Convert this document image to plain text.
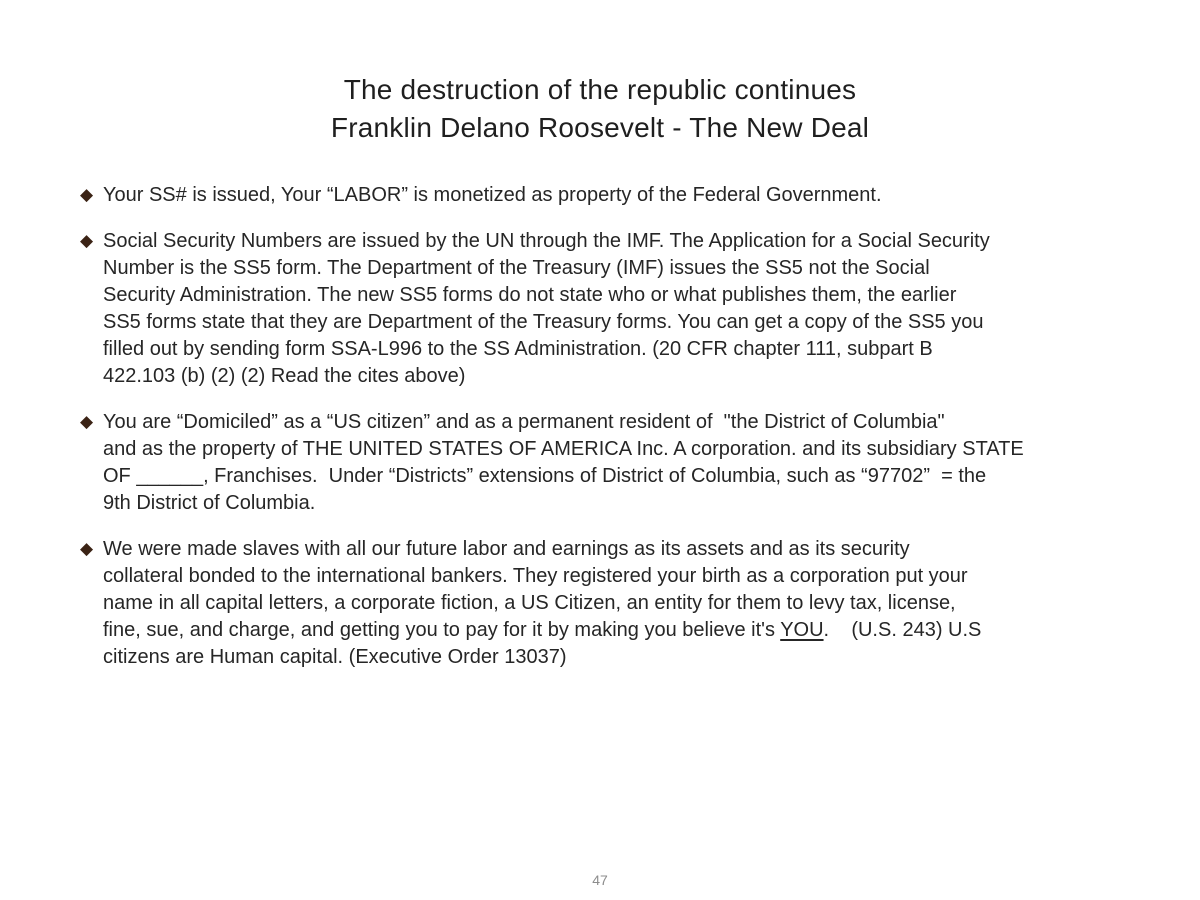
The destruction of the republic continues
Franklin Delano Roosevelt - The New Deal
◆ Your SS# is issued, Your “LABOR” is monetized as property of the Federal Government.
◆ Social Security Numbers are issued by the UN through the IMF. The Application for a Social Security
Number is the SS5 form. The Department of the Treasury (IMF) issues the SS5 not the Social
Security Administration. The new SS5 forms do not state who or what publishes them, the earlier
SS5 forms state that they are Department of the Treasury forms. You can get a copy of the SS5 you
filled out by sending form SSA-L996 to the SS Administration. (20 CFR chapter 111, subpart B
422.103 (b) (2) (2) Read the cites above)
◆ You are “Domiciled” as a “US citizen” and as a permanent resident of  "the District of Columbia"
and as the property of THE UNITED STATES OF AMERICA Inc. A corporation. and its subsidiary STATE
OF ______, Franchises.  Under “Districts” extensions of District of Columbia, such as “97702”  = the
9th District of Columbia.
◆ We were made slaves with all our future labor and earnings as its assets and as its security
collateral bonded to the international bankers. They registered your birth as a corporation put your
name in all capital letters, a corporate fiction, a US Citizen, an entity for them to levy tax, license,
fine, sue, and charge, and getting you to pay for it by making you believe it's YOU.    (U.S. 243) U.S
citizens are Human capital. (Executive Order 13037)
47
